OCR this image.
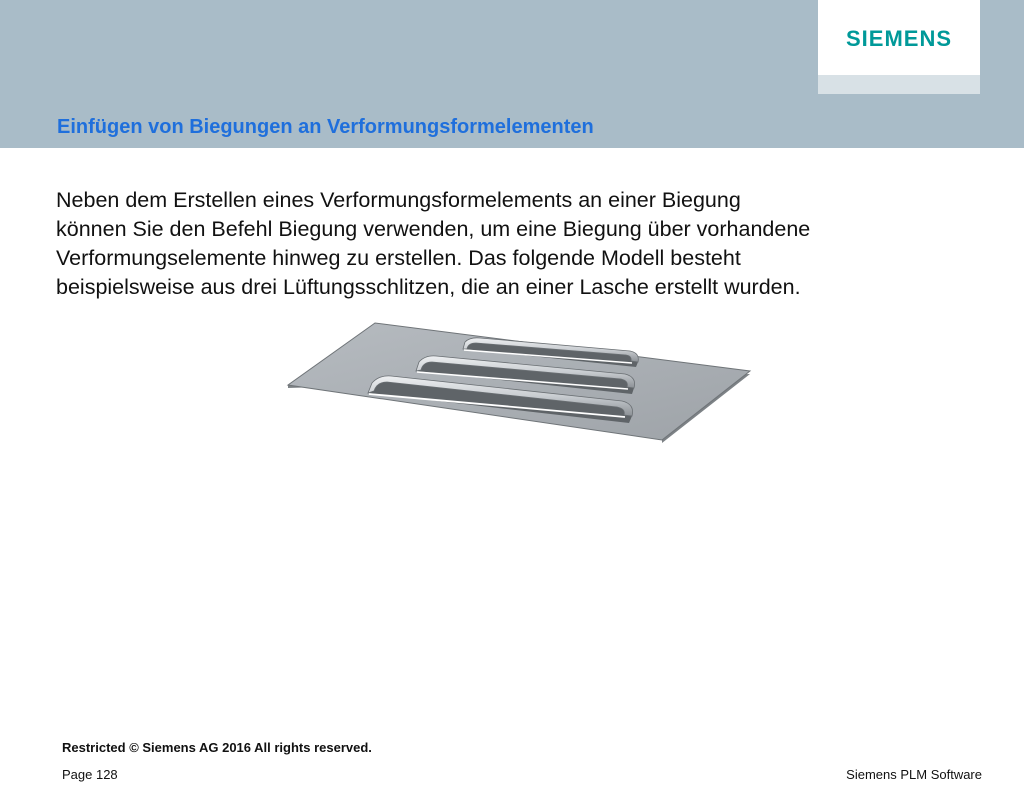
SIEMENS
Einfügen von Biegungen an Verformungsformelementen
Neben dem Erstellen eines Verformungsformelements an einer Biegung
können Sie den Befehl Biegung verwenden, um eine Biegung über vorhandene
Verformungselemente hinweg zu erstellen. Das folgende Modell besteht
beispielsweise aus drei Lüftungsschlitzen, die an einer Lasche erstellt wurden.

Restricted © Siemens AG 2016 All rights reserved.

Page 128	Siemens PLM Software
